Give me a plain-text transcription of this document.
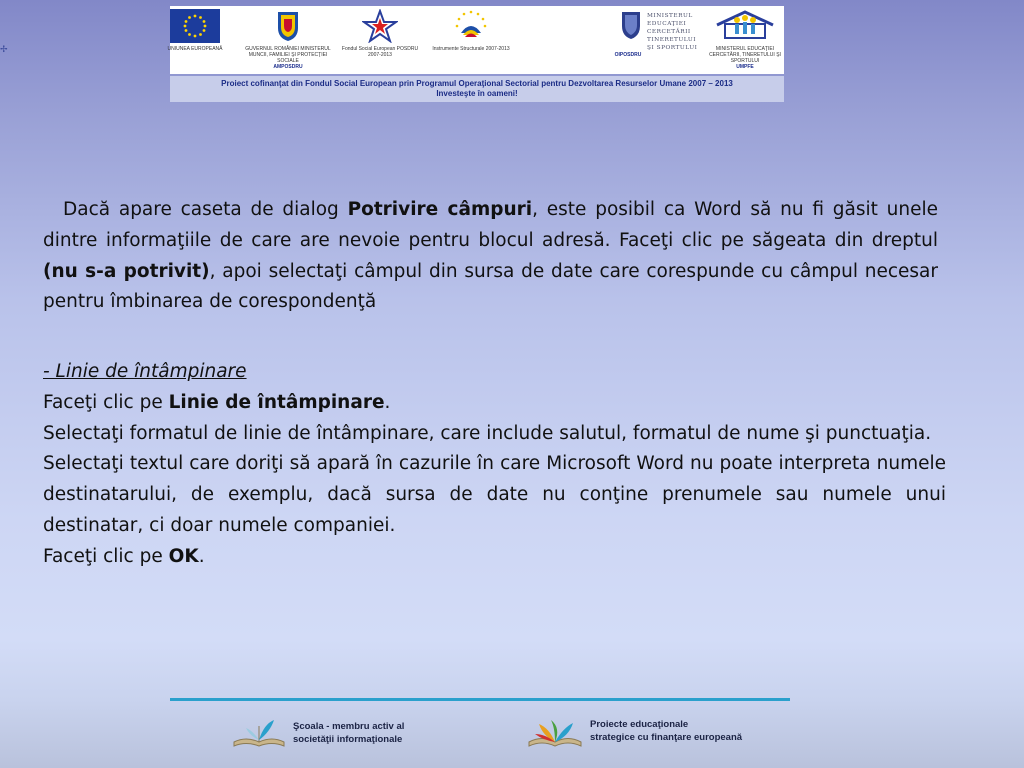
✢	UNIUNEA EUROPEANĂ	GUVERNUL ROMÂNIEI MINISTERUL MUNCII, FAMILIEI ŞI PROTECŢIEI SOCIALE
AMPOSDRU
Fondul Social European POSDRU 2007-2013
Instrumente Structurale 2007-2013
MINISTERUL
EDUCAŢIEI
CERCETĂRII
TINERETULUI
ŞI SPORTULUI
OIPOSDRU
MINISTERUL EDUCAŢIEI CERCETĂRII, TINERETULUI ŞI SPORTULUI
UMPFE
Proiect cofinanţat din Fondul Social European prin Programul Operaţional Sectorial pentru Dezvoltarea Resurselor Umane 2007 – 2013
Investeşte în oameni!
Dacă apare caseta de dialog Potrivire câmpuri, este posibil ca Word să nu fi găsit unele dintre informaţiile de care are nevoie pentru blocul adresă. Faceţi clic pe săgeata din dreptul (nu s-a potrivit), apoi selectaţi câmpul din sursa de date care corespunde cu câmpul necesar pentru îmbinarea de corespondenţă

- Linie de întâmpinare

Faceţi clic pe Linie de întâmpinare.

Selectaţi formatul de linie de întâmpinare, care include salutul, formatul de nume şi punctuaţia.

Selectaţi textul care doriţi să apară în cazurile în care Microsoft Word nu poate interpreta numele destinatarului, de exemplu, dacă sursa de date nu conţine prenumele sau numele unui destinatar, ci doar numele companiei.

Faceţi clic pe OK.

Şcoala - membru activ al
societăţii informaţionale
Proiecte educaţionale
strategice cu finanţare europeană
